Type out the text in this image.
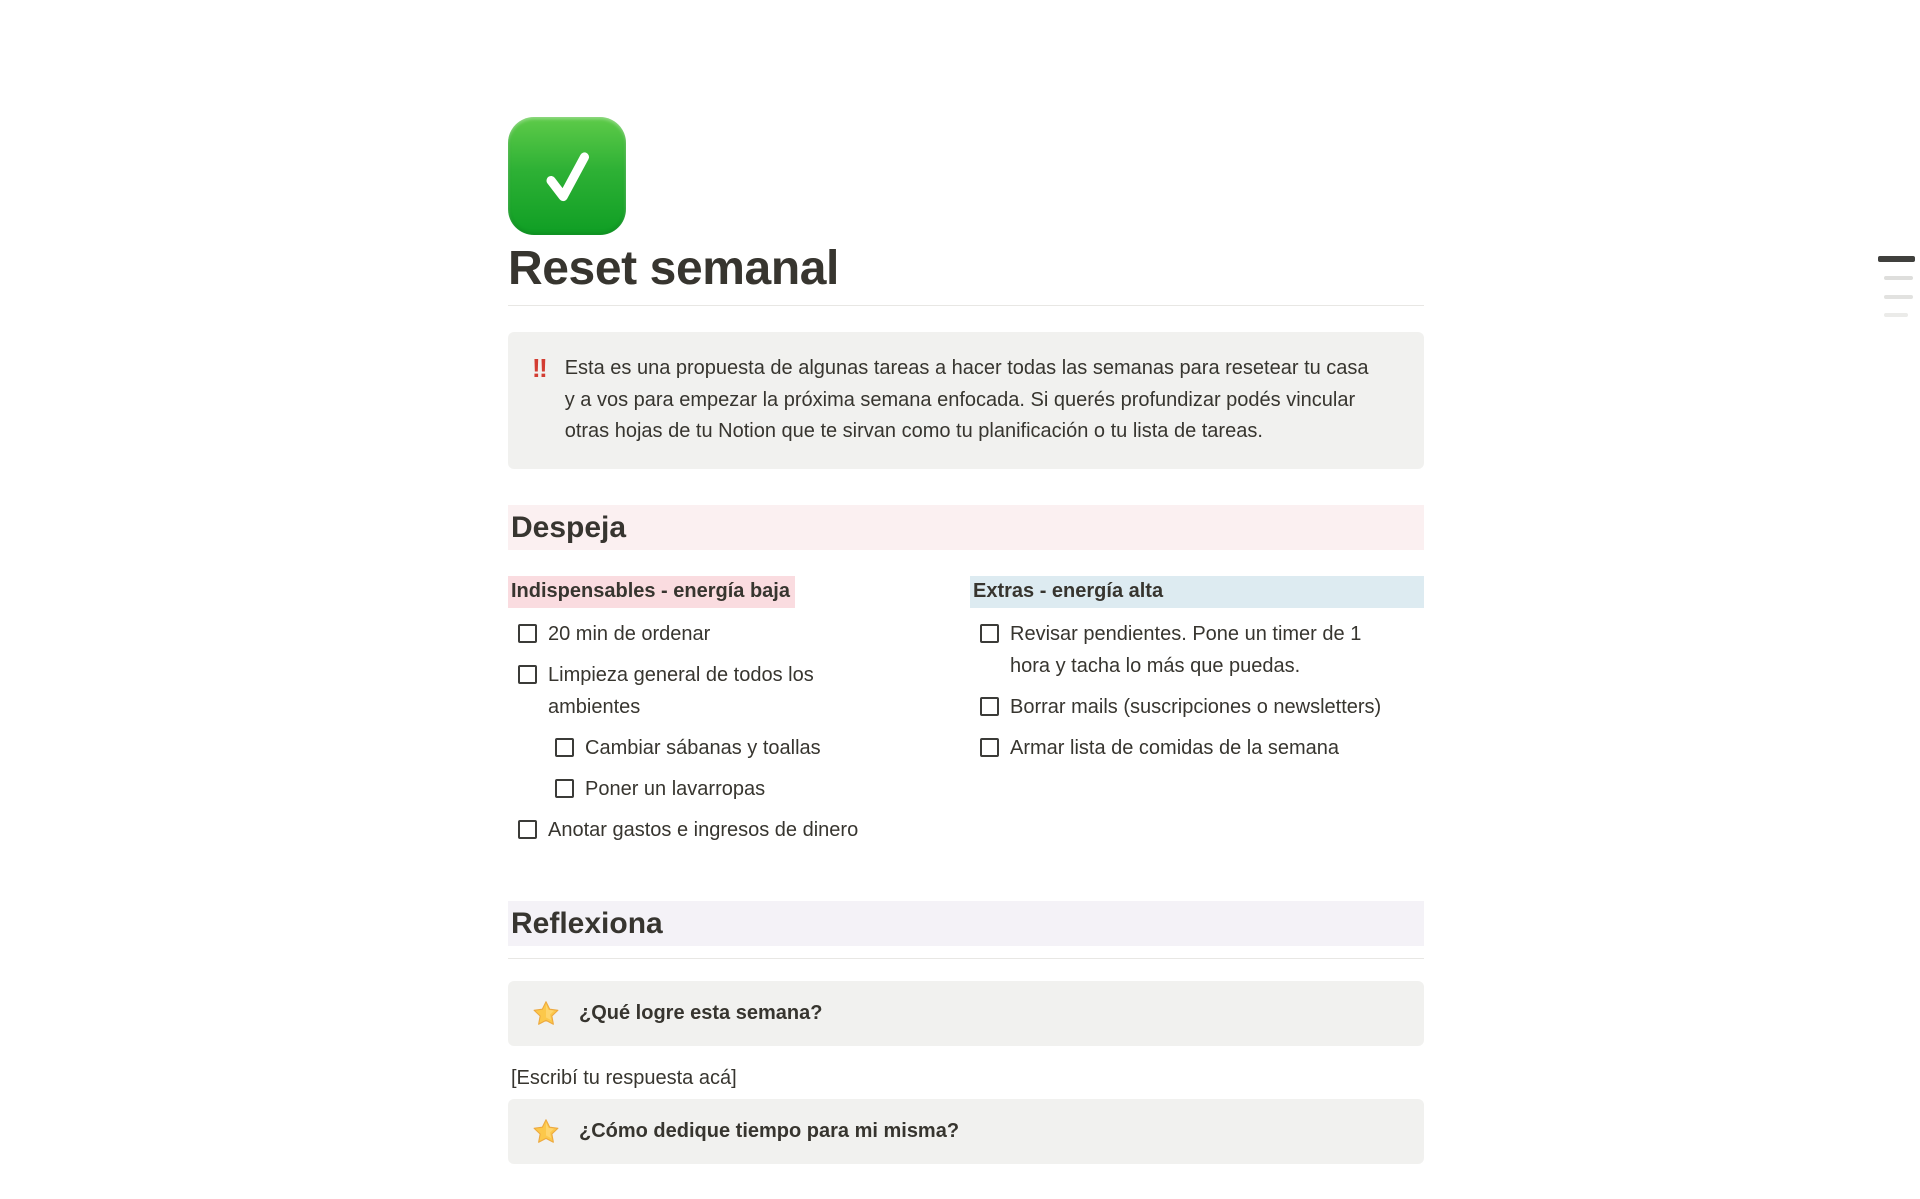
Reset semanal
‼ Esta es una propuesta de algunas tareas a hacer todas las semanas para resetear tu casa y a vos para empezar la próxima semana enfocada. Si querés profundizar podés vincular otras hojas de tu Notion que te sirvan como tu planificación o tu lista de tareas.
Despeja
Indispensables - energía baja
20 min de ordenar
Limpieza general de todos los ambientes
Cambiar sábanas y toallas
Poner un lavarropas
Anotar gastos e ingresos de dinero
Extras - energía alta
Revisar pendientes. Pone un timer de 1 hora y tacha lo más que puedas.
Borrar mails (suscripciones o newsletters)
Armar lista de comidas de la semana
Reflexiona
¿Qué logre esta semana?
[Escribí tu respuesta acá]
¿Cómo dedique tiempo para mi misma?
